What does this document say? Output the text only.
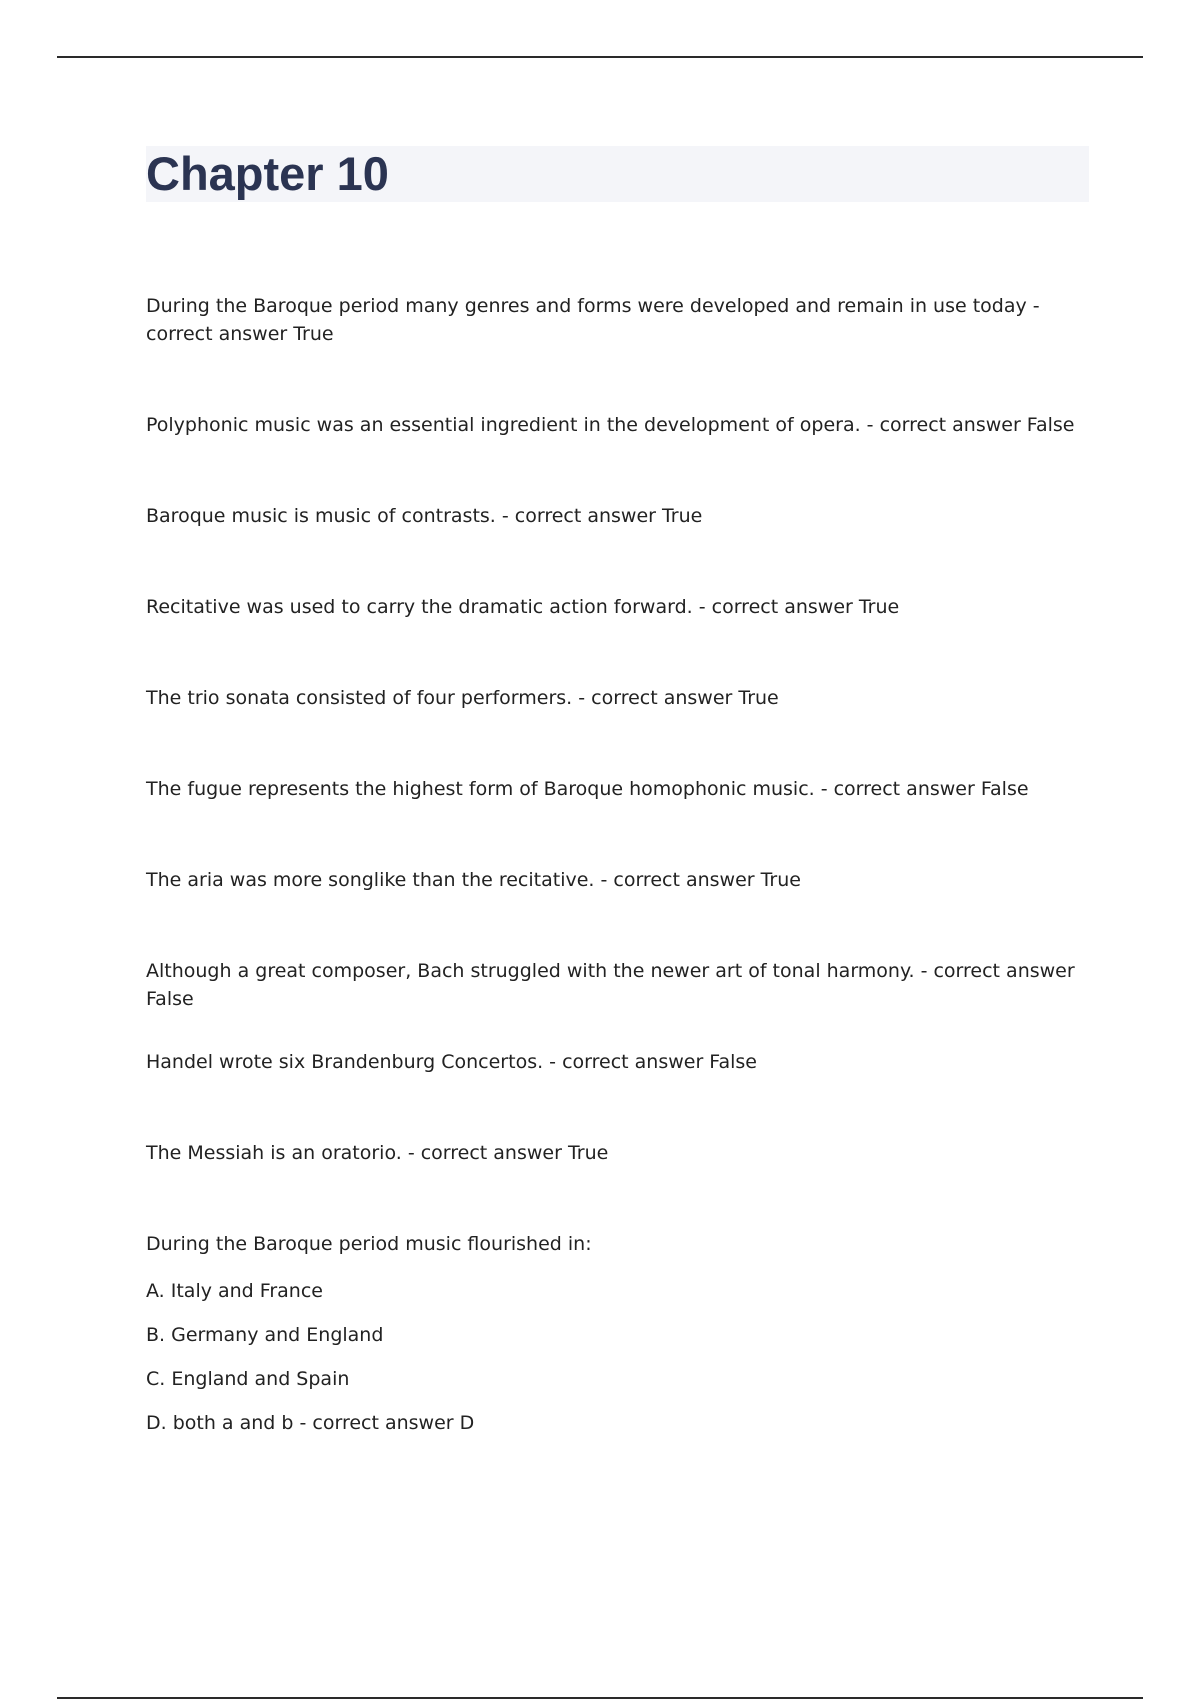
Chapter 10

During the Baroque period many genres and forms were developed and remain in use today - correct answer True

Polyphonic music was an essential ingredient in the development of opera. - correct answer False

Baroque music is music of contrasts. - correct answer True

Recitative was used to carry the dramatic action forward. - correct answer True

The trio sonata consisted of four performers. - correct answer True

The fugue represents the highest form of Baroque homophonic music. - correct answer False

The aria was more songlike than the recitative. - correct answer True

Although a great composer, Bach struggled with the newer art of tonal harmony. - correct answer False

Handel wrote six Brandenburg Concertos. - correct answer False

The Messiah is an oratorio. - correct answer True

During the Baroque period music flourished in:

A. Italy and France

B. Germany and England

C. England and Spain

D. both a and b - correct answer D
